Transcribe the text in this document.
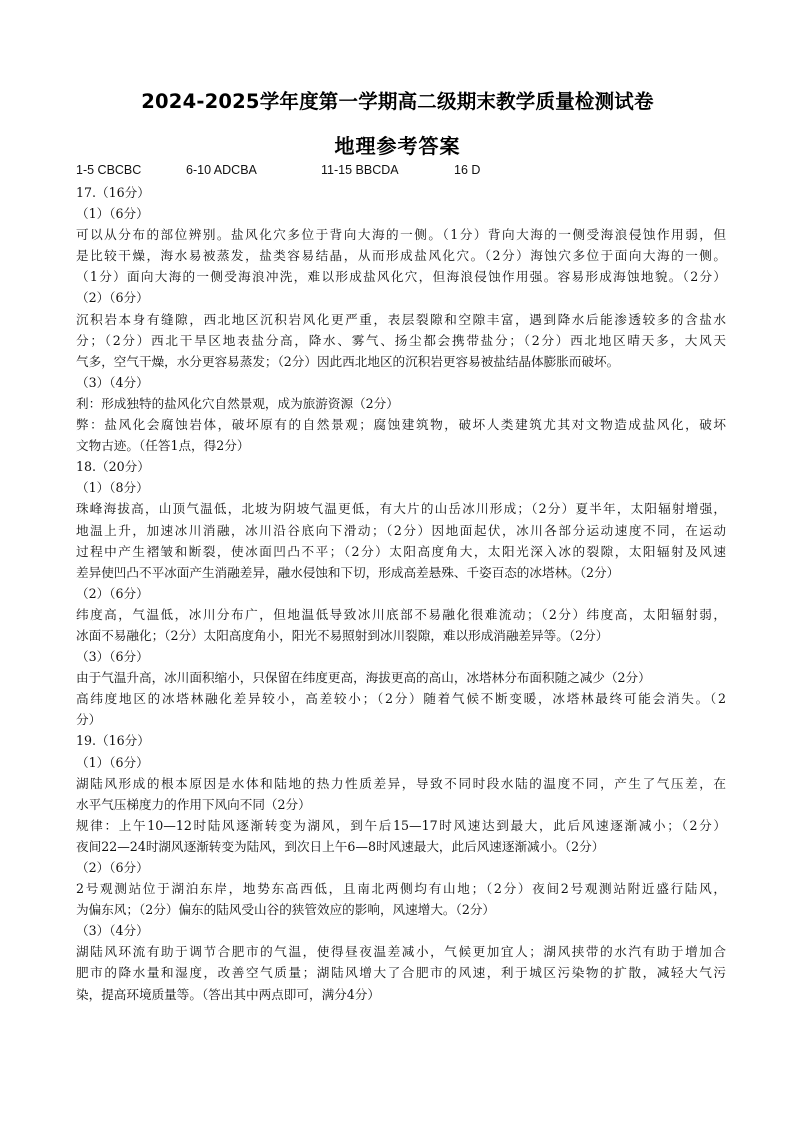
2024-2025学年度第一学期高二级期末教学质量检测试卷
地理参考答案
1-5 CBCBC	6-10 ADCBA	11-15 BBCDA	16 D
17.（16分）
（1）（6分）
可以从分布的部位辨别。盐风化穴多位于背向大海的一侧。（1分）背向大海的一侧受海浪侵蚀作用弱，但
是比较干燥，海水易被蒸发，盐类容易结晶，从而形成盐风化穴。（2分）海蚀穴多位于面向大海的一侧。
（1分）面向大海的一侧受海浪冲洗，难以形成盐风化穴，但海浪侵蚀作用强。容易形成海蚀地貌。（2分）
（2）（6分）
沉积岩本身有缝隙，西北地区沉积岩风化更严重，表层裂隙和空隙丰富，遇到降水后能渗透较多的含盐水
分；（2分）西北干旱区地表盐分高，降水、雾气、扬尘都会携带盐分；（2分）西北地区晴天多，大风天
气多，空气干燥，水分更容易蒸发；（2分）因此西北地区的沉积岩更容易被盐结晶体膨胀而破坏。
（3）（4分）
利：形成独特的盐风化穴自然景观，成为旅游资源（2分）
弊：盐风化会腐蚀岩体，破坏原有的自然景观；腐蚀建筑物，破坏人类建筑尤其对文物造成盐风化，破坏
文物古迹。（任答1点，得2分）
18.（20分）
（1）（8分）
珠峰海拔高，山顶气温低，北坡为阴坡气温更低，有大片的山岳冰川形成；（2分）夏半年，太阳辐射增强，
地温上升，加速冰川消融，冰川沿谷底向下滑动；（2分）因地面起伏，冰川各部分运动速度不同，在运动
过程中产生褶皱和断裂，使冰面凹凸不平；（2分）太阳高度角大，太阳光深入冰的裂隙，太阳辐射及风速
差异使凹凸不平冰面产生消融差异，融水侵蚀和下切，形成高差悬殊、千姿百态的冰塔林。（2分）
（2）（6分）
纬度高，气温低，冰川分布广，但地温低导致冰川底部不易融化很难流动；（2分）纬度高，太阳辐射弱，
冰面不易融化；（2分）太阳高度角小，阳光不易照射到冰川裂隙，难以形成消融差异等。（2分）
（3）（6分）
由于气温升高，冰川面积缩小，只保留在纬度更高，海拔更高的高山，冰塔林分布面积随之减少（2分）
高纬度地区的冰塔林融化差异较小，高差较小；（2分）随着气候不断变暖，冰塔林最终可能会消失。（2
分）
19.（16分）
（1）（6分）
湖陆风形成的根本原因是水体和陆地的热力性质差异，导致不同时段水陆的温度不同，产生了气压差，在
水平气压梯度力的作用下风向不同（2分）
规律：上午10—12时陆风逐渐转变为湖风，到午后15—17时风速达到最大，此后风速逐渐减小；（2分）
夜间22—24时湖风逐渐转变为陆风，到次日上午6—8时风速最大，此后风速逐渐减小。（2分）
（2）（6分）
2号观测站位于湖泊东岸，地势东高西低，且南北两侧均有山地；（2分）夜间2号观测站附近盛行陆风，
为偏东风；（2分）偏东的陆风受山谷的狭管效应的影响，风速增大。（2分）
（3）（4分）
湖陆风环流有助于调节合肥市的气温，使得昼夜温差减小，气候更加宜人；湖风挟带的水汽有助于增加合
肥市的降水量和湿度，改善空气质量；湖陆风增大了合肥市的风速，利于城区污染物的扩散，减轻大气污
染，提高环境质量等。（答出其中两点即可，满分4分）
